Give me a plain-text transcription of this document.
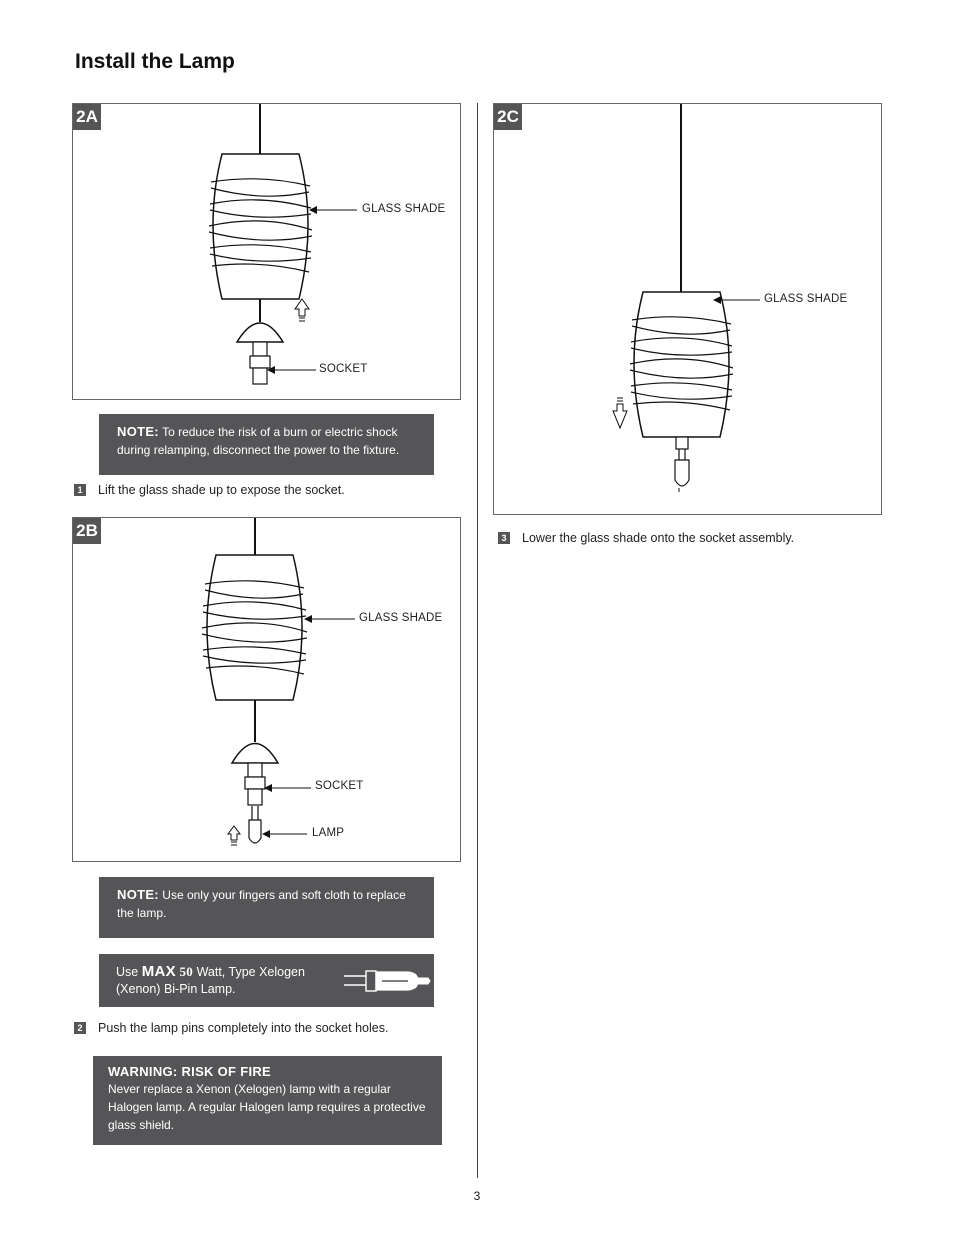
Install the Lamp
2A
GLASS SHADE
SOCKET
NOTE: To reduce the risk of a burn or electric shock during relamping, disconnect the power to the fixture.
1 Lift the glass shade up to expose the socket.
2B
GLASS SHADE
SOCKET
LAMP
NOTE: Use only your fingers and soft cloth to replace the lamp.
Use MAX 50 Watt, Type Xelogen (Xenon) Bi-Pin Lamp.
2 Push the lamp pins completely into the socket holes.
WARNING: RISK OF FIRE
Never replace a Xenon (Xelogen) lamp with a regular Halogen lamp. A regular Halogen lamp requires a protective glass shield.
2C
GLASS SHADE
3 Lower the glass shade onto the socket assembly.
3
